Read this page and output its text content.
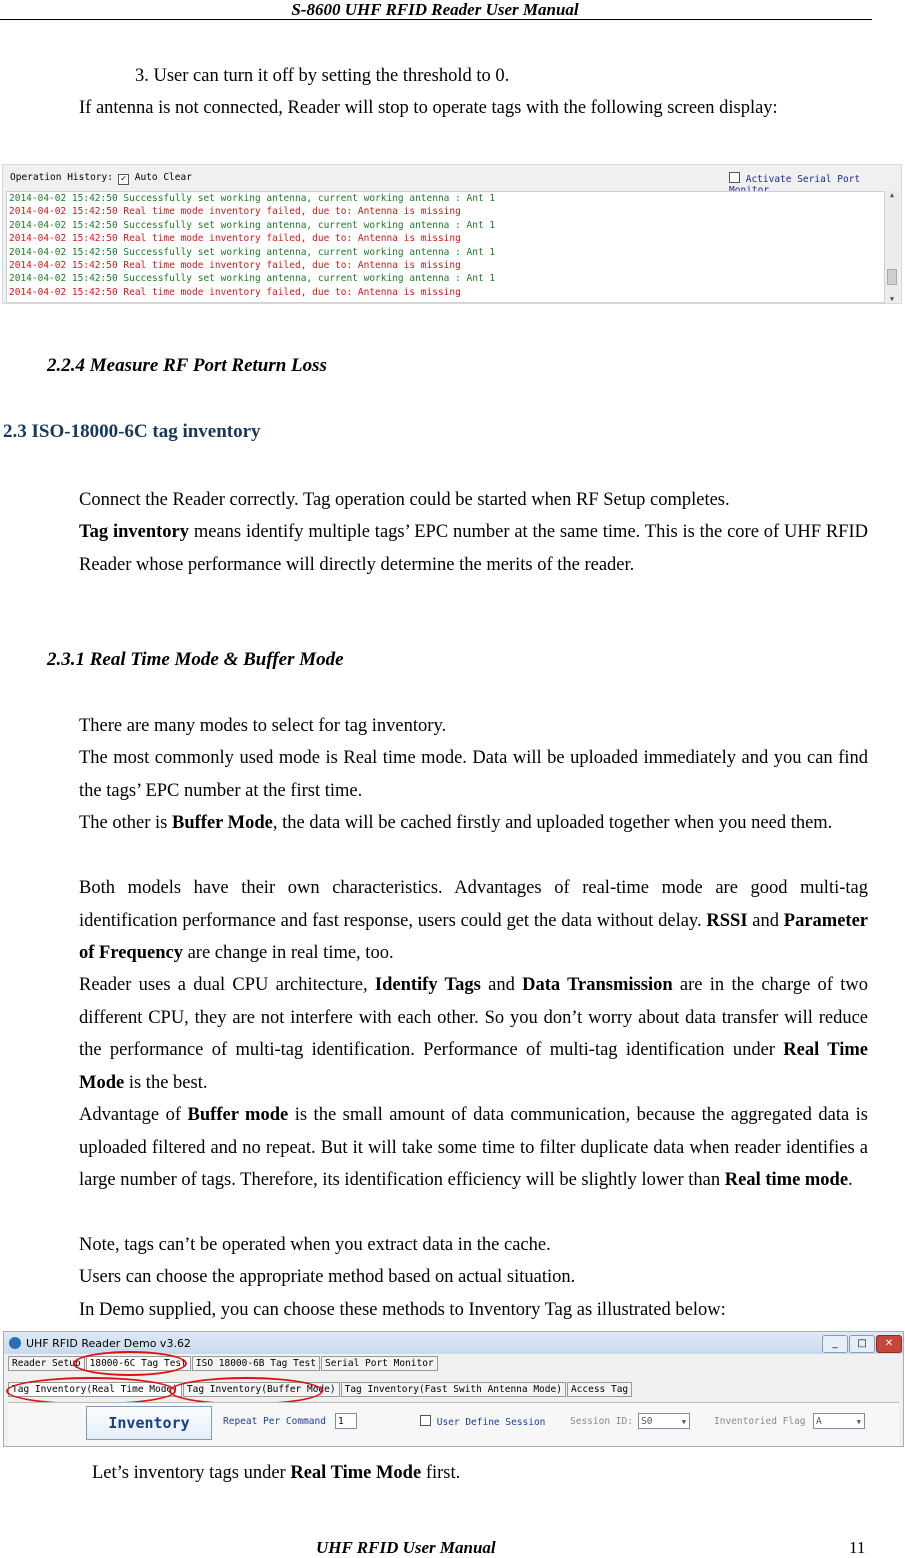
S-8600 UHF RFID Reader User Manual
3. User can turn it off by setting the threshold to 0.
If antenna is not connected, Reader will stop to operate tags with the following screen display:
Operation History: ✓ Auto Clear	Activate Serial Port
2014-04-02 15:42:50 Successfully set working antenna, current working antenna : Ant 1
2014-04-02 15:42:50 Real time mode inventory failed, due to: Antenna is missing
2014-04-02 15:42:50 Successfully set working antenna, current working antenna : Ant 1
2014-04-02 15:42:50 Real time mode inventory failed, due to: Antenna is missing
2014-04-02 15:42:50 Successfully set working antenna, current working antenna : Ant 1
2014-04-02 15:42:50 Real time mode inventory failed, due to: Antenna is missing
2014-04-02 15:42:50 Successfully set working antenna, current working antenna : Ant 1
2014-04-02 15:42:50 Real time mode inventory failed, due to: Antenna is missing
▲
▼
2.2.4 Measure RF Port Return Loss
2.3 ISO-18000-6C tag inventory
Connect the Reader correctly. Tag operation could be started when RF Setup completes.
Tag inventory means identify multiple tags’ EPC number at the same time. This is the core of UHF RFID Reader whose performance will directly determine the merits of the reader.
2.3.1 Real Time Mode & Buffer Mode
There are many modes to select for tag inventory.
The most commonly used mode is Real time mode. Data will be uploaded immediately and you can find the tags’ EPC number at the first time.
The other is Buffer Mode, the data will be cached firstly and uploaded together when you need them.
Both models have their own characteristics. Advantages of real-time mode are good multi-tag identification performance and fast response, users could get the data without delay. RSSI and Parameter of Frequency are change in real time, too.
Reader uses a dual CPU architecture, Identify Tags and Data Transmission are in the charge of two different CPU, they are not interfere with each other. So you don’t worry about data transfer will reduce the performance of multi-tag identification. Performance of multi-tag identification under Real Time Mode is the best.
Advantage of Buffer mode is the small amount of data communication, because the aggregated data is uploaded filtered and no repeat. But it will take some time to filter duplicate data when reader identifies a large number of tags. Therefore, its identification efficiency will be slightly lower than Real time mode.
Note, tags can’t be operated when you extract data in the cache.
Users can choose the appropriate method based on actual situation.
In Demo supplied, you can choose these methods to Inventory Tag as illustrated below:
UHF RFID Reader Demo v3.62	_	□	✕
Reader Setup 18000-6C Tag Test ISO 18000-6B Tag Test Serial Port Monitor
Tag Inventory(Real Time Mode) Tag Inventory(Buffer Mode) Tag Inventory(Fast Swith Antenna Mode) Access Tag
Inventory	Repeat Per Command	1	User Define Session	Session ID: S0	▼	Inventoried Flag	A	▼
Let’s inventory tags under Real Time Mode first.
UHF RFID User Manual	11
